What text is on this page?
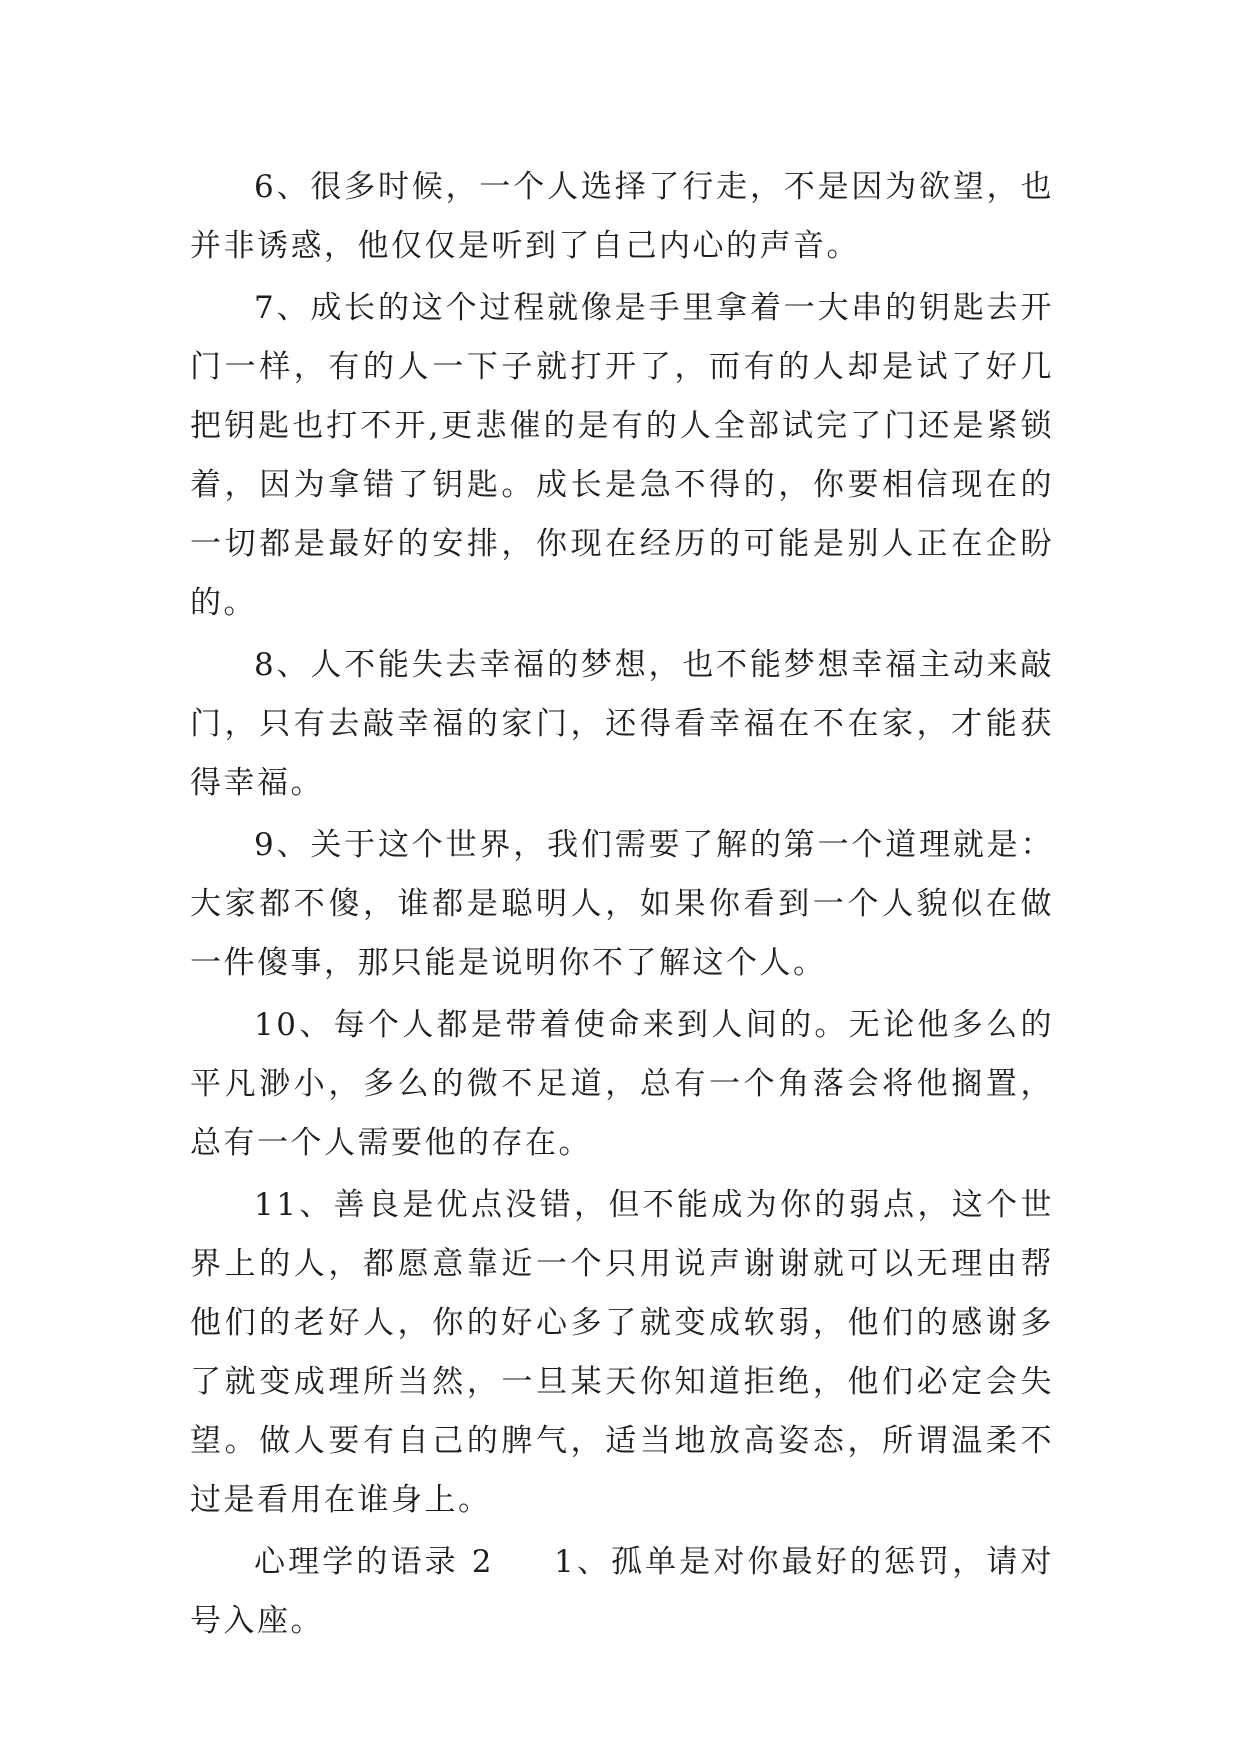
6、很多时候，一个人选择了行走，不是因为欲望，也并非诱惑，他仅仅是听到了自己内心的声音。

7、成长的这个过程就像是手里拿着一大串的钥匙去开门一样，有的人一下子就打开了，而有的人却是试了好几把钥匙也打不开,更悲催的是有的人全部试完了门还是紧锁着，因为拿错了钥匙。成长是急不得的，你要相信现在的一切都是最好的安排，你现在经历的可能是别人正在企盼的。

8、人不能失去幸福的梦想，也不能梦想幸福主动来敲门，只有去敲幸福的家门，还得看幸福在不在家，才能获得幸福。

9、关于这个世界，我们需要了解的第一个道理就是：大家都不傻，谁都是聪明人，如果你看到一个人貌似在做一件傻事，那只能是说明你不了解这个人。

10、每个人都是带着使命来到人间的。无论他多么的平凡渺小，多么的微不足道，总有一个角落会将他搁置，总有一个人需要他的存在。

11、善良是优点没错，但不能成为你的弱点，这个世界上的人，都愿意靠近一个只用说声谢谢就可以无理由帮他们的老好人，你的好心多了就变成软弱，他们的感谢多了就变成理所当然，一旦某天你知道拒绝，他们必定会失望。做人要有自己的脾气，适当地放高姿态，所谓温柔不过是看用在谁身上。

心理学的语录 2 1、孤单是对你最好的惩罚，请对号入座。
